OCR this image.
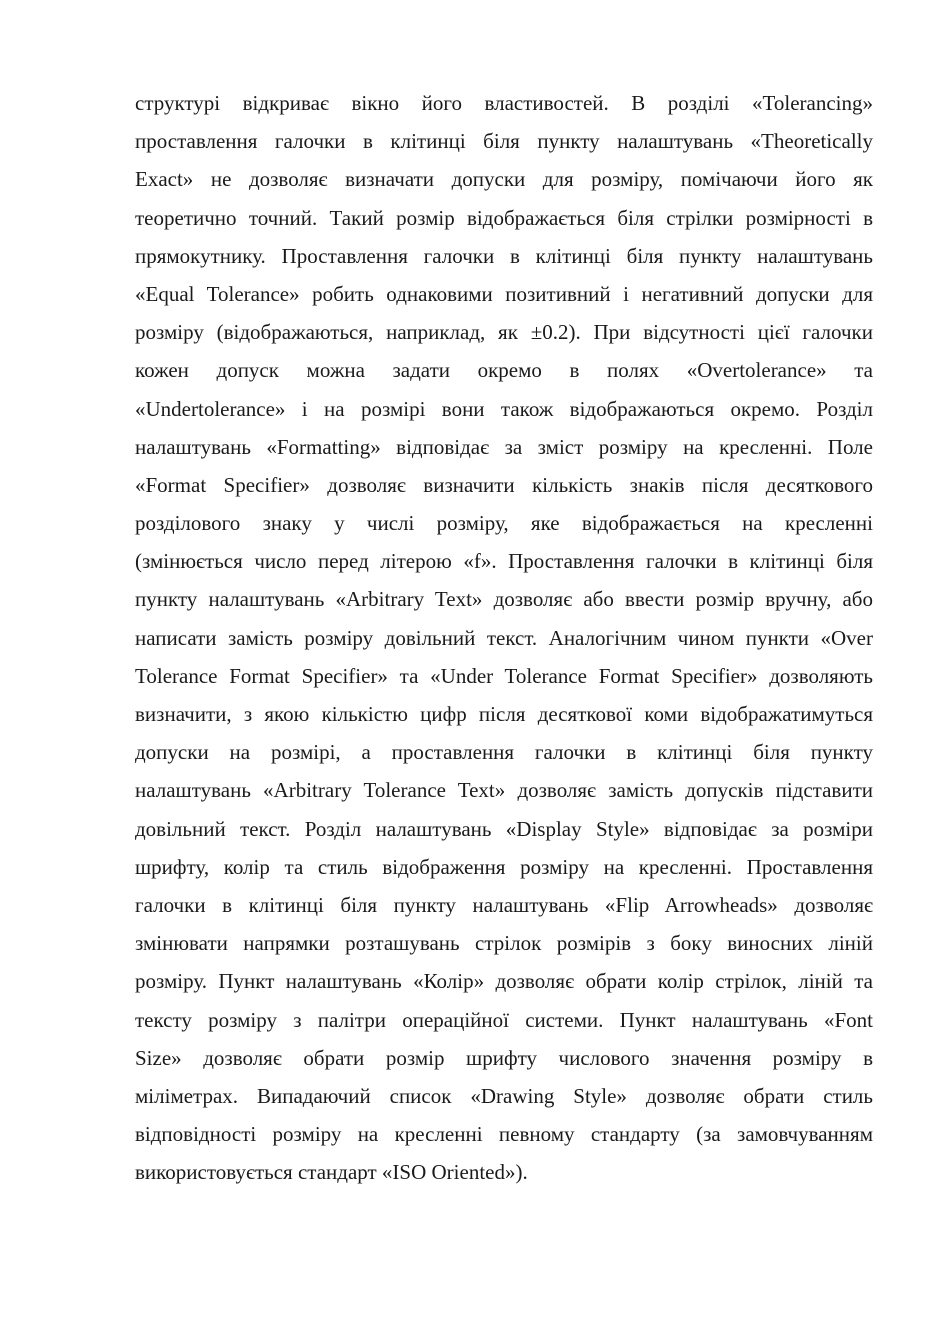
структурі відкриває вікно його властивостей. В розділі «Tolerancing»
проставлення галочки в клітинці біля пункту налаштувань «Theoretically
Exact» не дозволяє визначати допуски для розміру, помічаючи його як
теоретично точний. Такий розмір відображається біля стрілки розмірності в
прямокутнику. Проставлення галочки в клітинці біля пункту налаштувань
«Equal Tolerance» робить однаковими позитивний і негативний допуски для
розміру (відображаються, наприклад, як ±0.2). При відсутності цієї галочки
кожен допуск можна задати окремо в полях «Overtolerance» та
«Undertolerance» і на розмірі вони також відображаються окремо. Розділ
налаштувань «Formatting» відповідає за зміст розміру на кресленні. Поле
«Format Specifier» дозволяє визначити кількість знаків після десяткового
розділового знаку у числі розміру, яке відображається на кресленні
(змінюється число перед літерою «f». Проставлення галочки в клітинці біля
пункту налаштувань «Arbitrary Text» дозволяє або ввести розмір вручну, або
написати замість розміру довільний текст. Аналогічним чином пункти «Over
Tolerance Format Specifier» та «Under Tolerance Format Specifier» дозволяють
визначити, з якою кількістю цифр після десяткової коми відображатимуться
допуски на розмірі, а проставлення галочки в клітинці біля пункту
налаштувань «Arbitrary Tolerance Text» дозволяє замість допусків підставити
довільний текст. Розділ налаштувань «Display Style» відповідає за розміри
шрифту, колір та стиль відображення розміру на кресленні. Проставлення
галочки в клітинці біля пункту налаштувань «Flip Arrowheads» дозволяє
змінювати напрямки розташувань стрілок розмірів з боку виносних ліній
розміру. Пункт налаштувань «Колір» дозволяє обрати колір стрілок, ліній та
тексту розміру з палітри операційної системи. Пункт налаштувань «Font
Size» дозволяє обрати розмір шрифту числового значення розміру в
міліметрах. Випадаючий список «Drawing Style» дозволяє обрати стиль
відповідності розміру на кресленні певному стандарту (за замовчуванням
використовується стандарт «ISO Oriented»).
